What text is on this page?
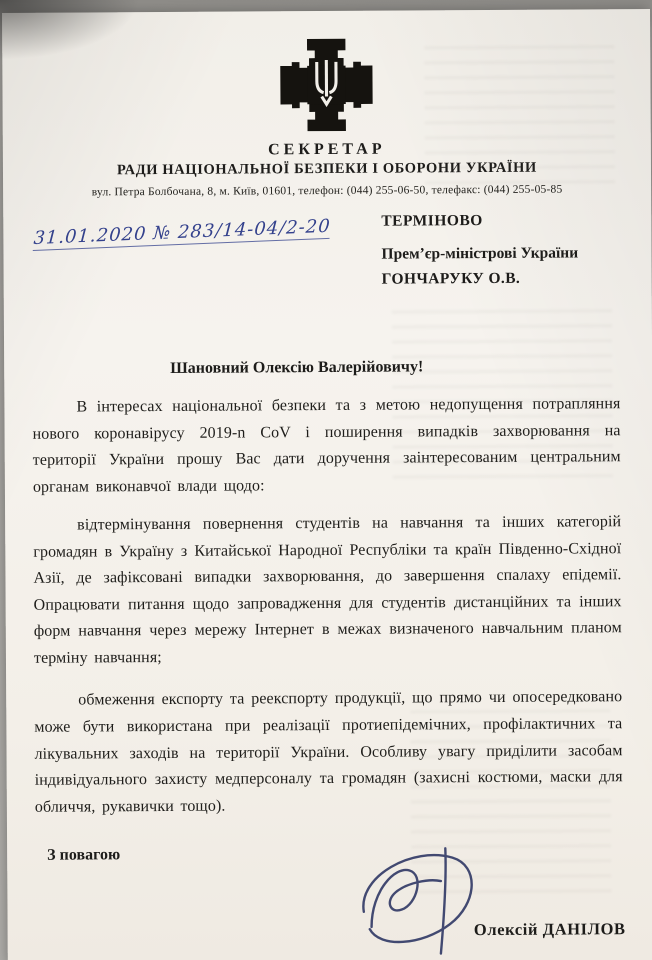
СЕКРЕТАР
РАДИ НАЦІОНАЛЬНОЇ БЕЗПЕКИ І ОБОРОНИ УКРАЇНИ
вул. Петра Болбочана, 8, м. Київ, 01601, телефон: (044) 255-06-50, телефакс: (044) 255-05-85
31.01.2020 № 283/14-04/2-20	ТЕРМІНОВО
Прем’єр-міністрові України
ГОНЧАРУКУ О.В.
Шановний Олексію Валерійовичу!

В інтересах національної безпеки та з метою недопущення потрапляння нового коронавірусу 2019-n CoV і поширення випадків захворювання на території України прошу Вас дати доручення заінтересованим центральним органам виконавчої влади щодо:

відтермінування повернення студентів на навчання та інших категорій громадян в Україну з Китайської Народної Республіки та країн Південно-Східної Азії, де зафіксовані випадки захворювання, до завершення спалаху епідемії. Опрацювати питання щодо запровадження для студентів дистанційних та інших форм навчання через мережу Інтернет в межах визначеного навчальним планом терміну навчання;

обмеження експорту та реекспорту продукції, що прямо чи опосередковано може бути використана при реалізації протиепідемічних, профілактичних та лікувальних заходів на території України. Особливу увагу приділити засобам індивідуального захисту медперсоналу та громадян (захисні костюми, маски для обличчя, рукавички тощо).

З повагою
Олексій ДАНІЛОВ
